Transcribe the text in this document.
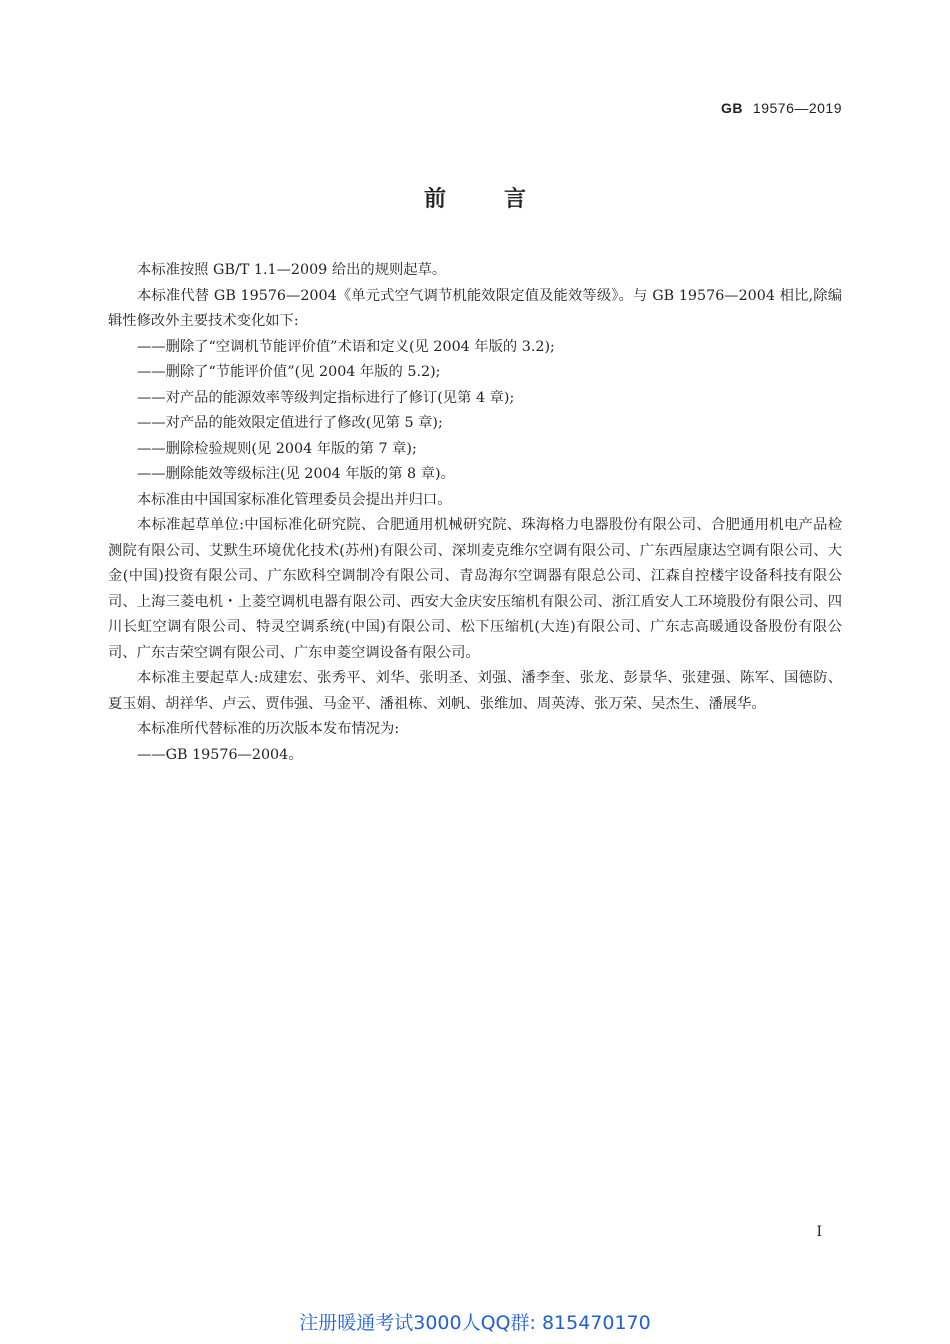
GB 19576—2019
前言

本标准按照 GB/T 1.1—2009 给出的规则起草。

本标准代替 GB 19576—2004《单元式空气调节机能效限定值及能效等级》。与 GB 19576—2004 相比,除编辑性修改外主要技术变化如下:

——删除了“空调机节能评价值”术语和定义(见 2004 年版的 3.2);

——删除了“节能评价值”(见 2004 年版的 5.2);

——对产品的能源效率等级判定指标进行了修订(见第 4 章);

——对产品的能效限定值进行了修改(见第 5 章);

——删除检验规则(见 2004 年版的第 7 章);

——删除能效等级标注(见 2004 年版的第 8 章)。

本标准由中国国家标准化管理委员会提出并归口。

本标准起草单位:中国标准化研究院、合肥通用机械研究院、珠海格力电器股份有限公司、合肥通用机电产品检测院有限公司、艾默生环境优化技术(苏州)有限公司、深圳麦克维尔空调有限公司、广东西屋康达空调有限公司、大金(中国)投资有限公司、广东欧科空调制冷有限公司、青岛海尔空调器有限总公司、江森自控楼宇设备科技有限公司、上海三菱电机・上菱空调机电器有限公司、西安大金庆安压缩机有限公司、浙江盾安人工环境股份有限公司、四川长虹空调有限公司、特灵空调系统(中国)有限公司、松下压缩机(大连)有限公司、广东志高暖通设备股份有限公司、广东吉荣空调有限公司、广东申菱空调设备有限公司。

本标准主要起草人:成建宏、张秀平、刘华、张明圣、刘强、潘李奎、张龙、彭景华、张建强、陈军、国德防、夏玉娟、胡祥华、卢云、贾伟强、马金平、潘祖栋、刘帆、张维加、周英涛、张万荣、吴杰生、潘展华。

本标准所代替标准的历次版本发布情况为:

——GB 19576—2004。

I
注册暖通考试3000人QQ群: 815470170
